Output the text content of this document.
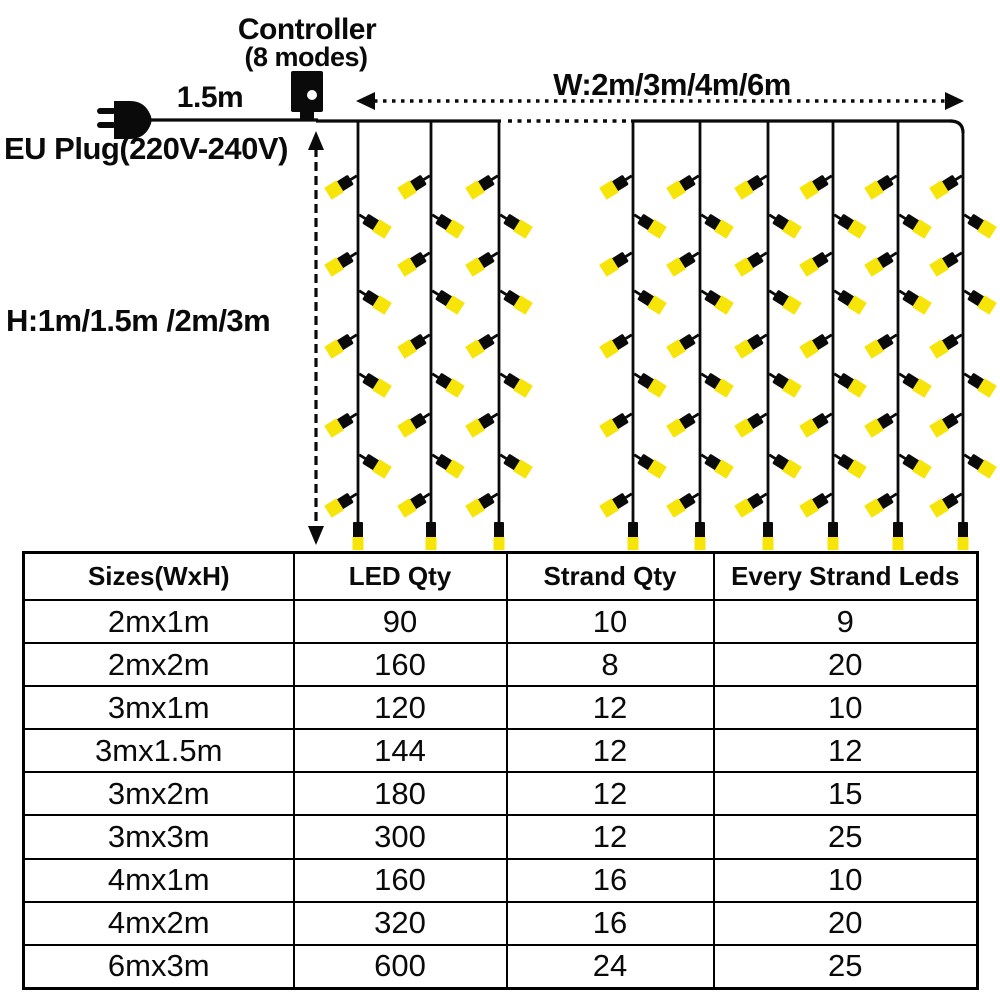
Controller
(8 modes)
1.5m
EU Plug(220V-240V)
H:1m/1.5m /2m/3m
W:2m/3m/4m/6m
Sizes(WxH)	LED Qty	Strand Qty	Every Strand Leds
2mx1m	90	10	9
2mx2m	160	8	20
3mx1m	120	12	10
3mx1.5m	144	12	12
3mx2m	180	12	15
3mx3m	300	12	25
4mx1m	160	16	10
4mx2m	320	16	20
6mx3m	600	24	25
